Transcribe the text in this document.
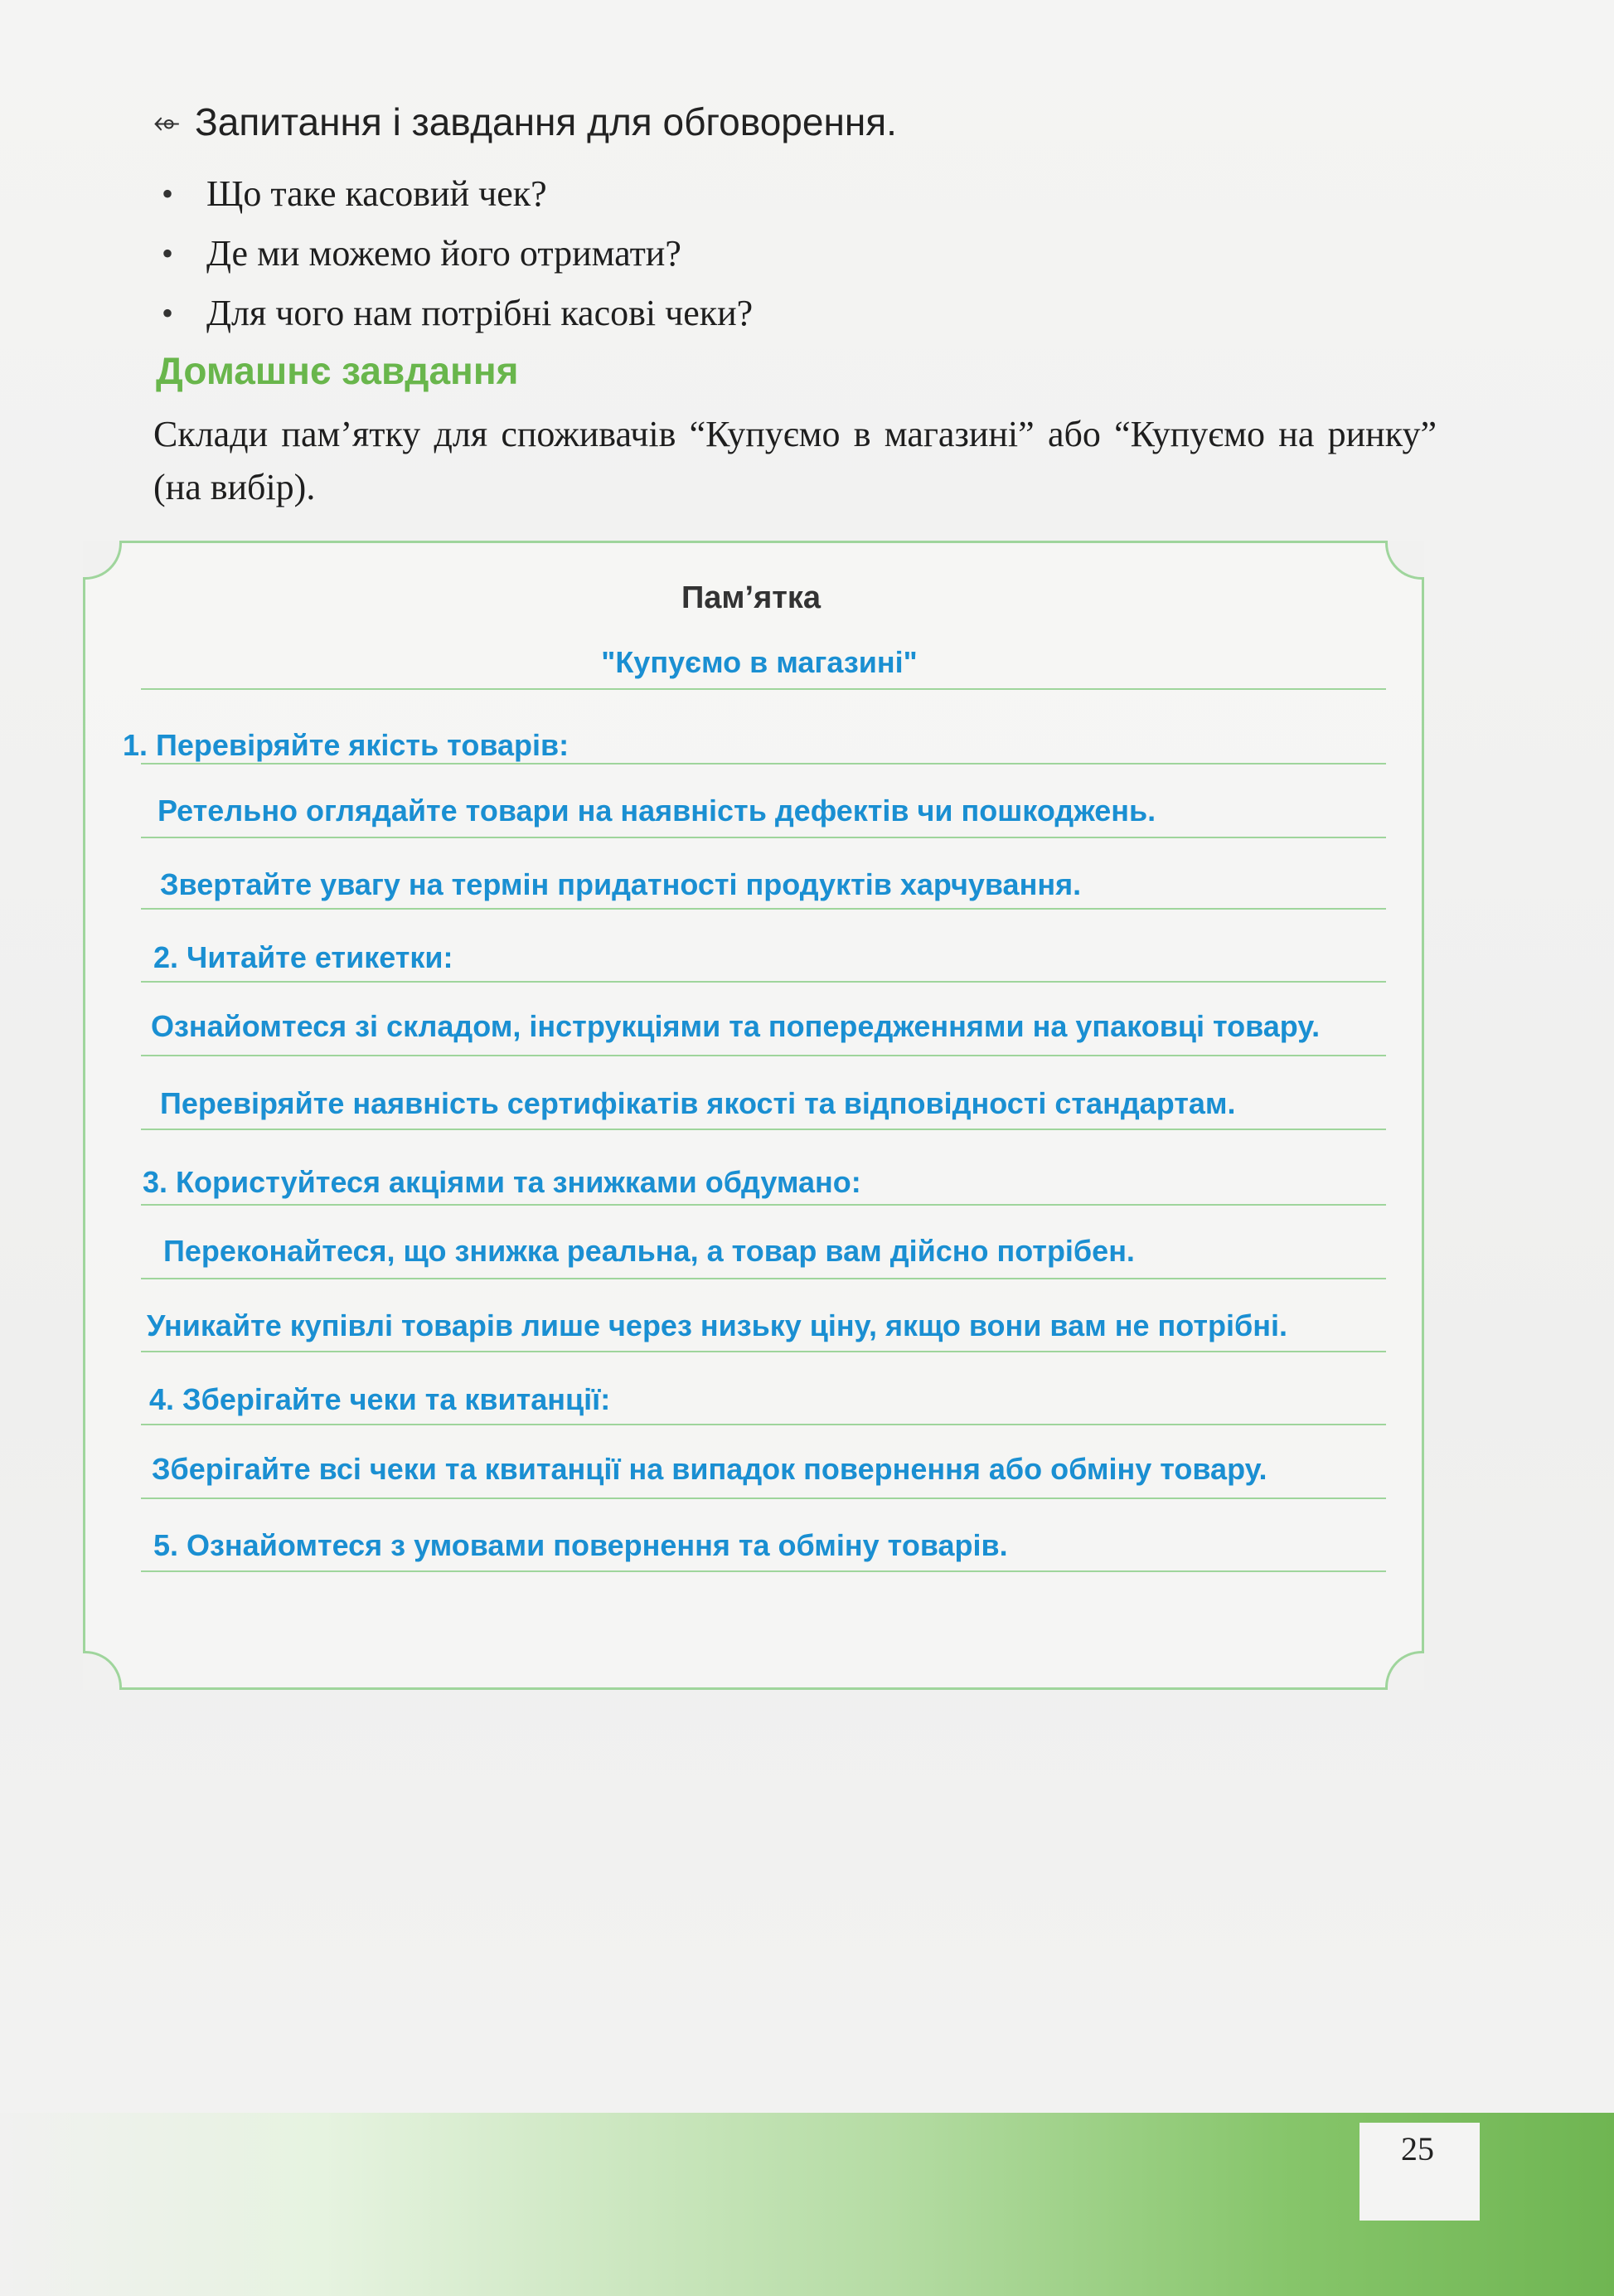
⬰ Запитання і завдання для обговорення.
• Що таке касовий чек?
• Де ми можемо його отримати?
• Для чого нам потрібні касові чеки?
Домашнє завдання
Склади пам’ятку для споживачів “Купуємо в магазині” або “Купуємо на ринку” (на вибір).
Пам’ятка
"Купуємо в магазині"
1. Перевіряйте якість товарів:
Ретельно оглядайте товари на наявність дефектів чи пошкоджень.
Звертайте увагу на термін придатності продуктів харчування.
2. Читайте етикетки:
Ознайомтеся зі складом, інструкціями та попередженнями на упаковці товару.
Перевіряйте наявність сертифікатів якості та відповідності стандартам.
3. Користуйтеся акціями та знижками обдумано:
Переконайтеся, що знижка реальна, а товар вам дійсно потрібен.
Уникайте купівлі товарів лише через низьку ціну, якщо вони вам не потрібні.
4. Зберігайте чеки та квитанції:
Зберігайте всі чеки та квитанції на випадок повернення або обміну товару.
5. Ознайомтеся з умовами повернення та обміну товарів.
25
